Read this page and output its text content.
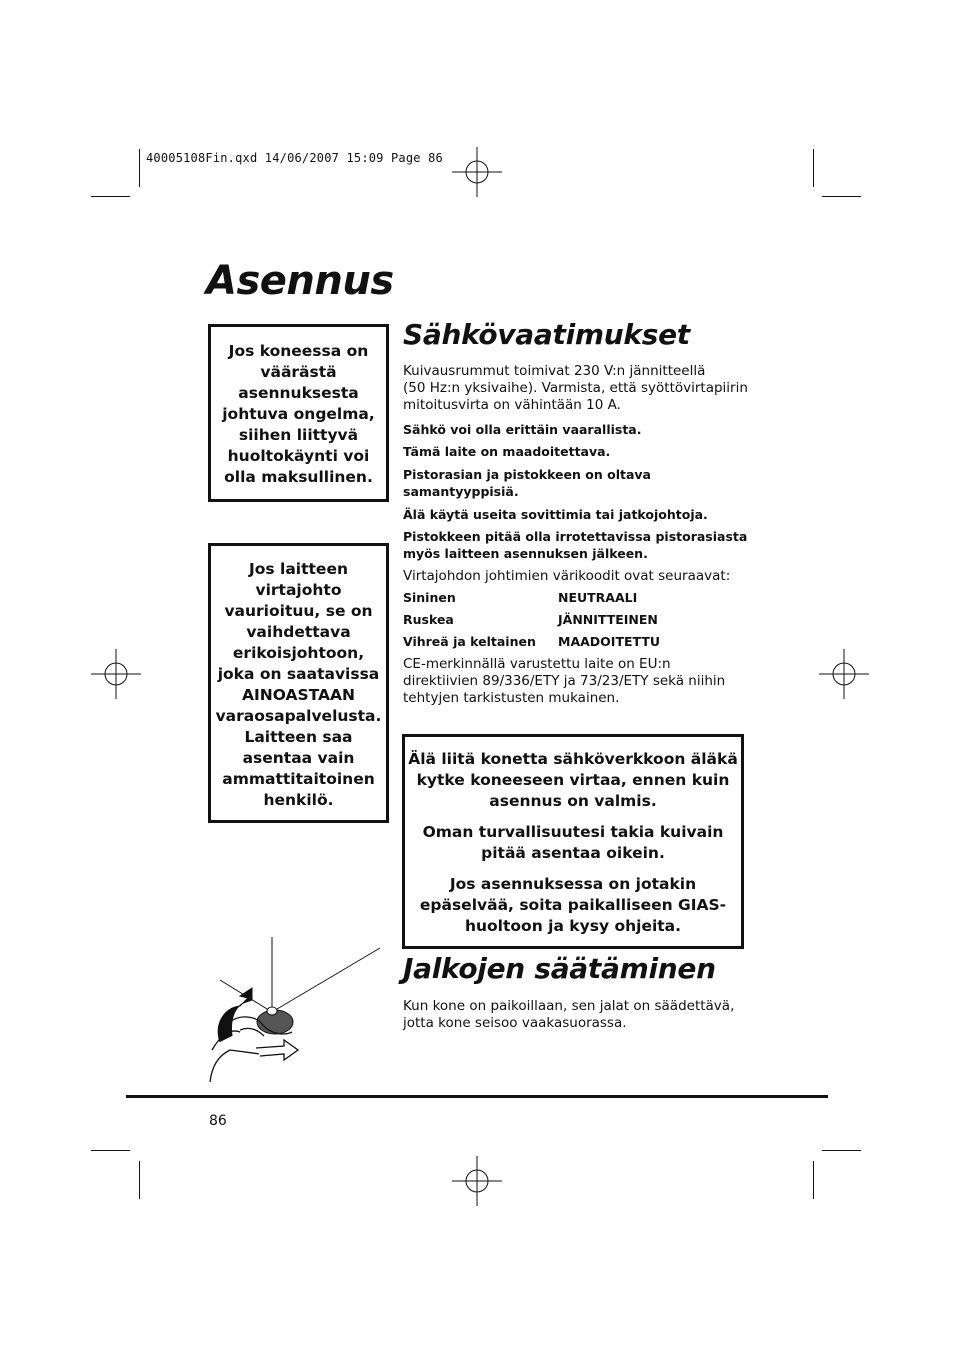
40005108Fin.qxd 14/06/2007 15:09 Page 86
Asennus
Jos koneessa on
väärästä
asennuksesta
johtuva ongelma,
siihen liittyvä
huoltokäynti voi
olla maksullinen.
Jos laitteen
virtajohto
vaurioituu, se on
vaihdettava
erikoisjohtoon,
joka on saatavissa
AINOASTAAN
varaosapalvelusta.
Laitteen saa
asentaa vain
ammattitaitoinen
henkilö.
Sähkövaatimukset
Kuivausrummut toimivat 230 V:n jännitteellä
(50 Hz:n yksivaihe). Varmista, että syöttövirtapiirin
mitoitusvirta on vähintään 10 A.
Sähkö voi olla erittäin vaarallista.
Tämä laite on maadoitettava.
Pistorasian ja pistokkeen on oltava
samantyyppisiä.
Älä käytä useita sovittimia tai jatkojohtoja.
Pistokkeen pitää olla irrotettavissa pistorasiasta
myös laitteen asennuksen jälkeen.
Virtajohdon johtimien värikoodit ovat seuraavat:
Sininen	NEUTRAALI
Ruskea	JÄNNITTEINEN
Vihreä ja keltainen MAADOITETTU
CE-merkinnällä varustettu laite on EU:n
direktiivien 89/336/ETY ja 73/23/ETY sekä niihin
tehtyjen tarkistusten mukainen.
Älä liitä konetta sähköverkkoon äläkä
kytke koneeseen virtaa, ennen kuin
asennus on valmis.
Oman turvallisuutesi takia kuivain
pitää asentaa oikein.
Jos asennuksessa on jotakin
epäselvää, soita paikalliseen GIAS-
huoltoon ja kysy ohjeita.
Jalkojen säätäminen
Kun kone on paikoillaan, sen jalat on säädettävä,
jotta kone seisoo vaakasuorassa.
86
